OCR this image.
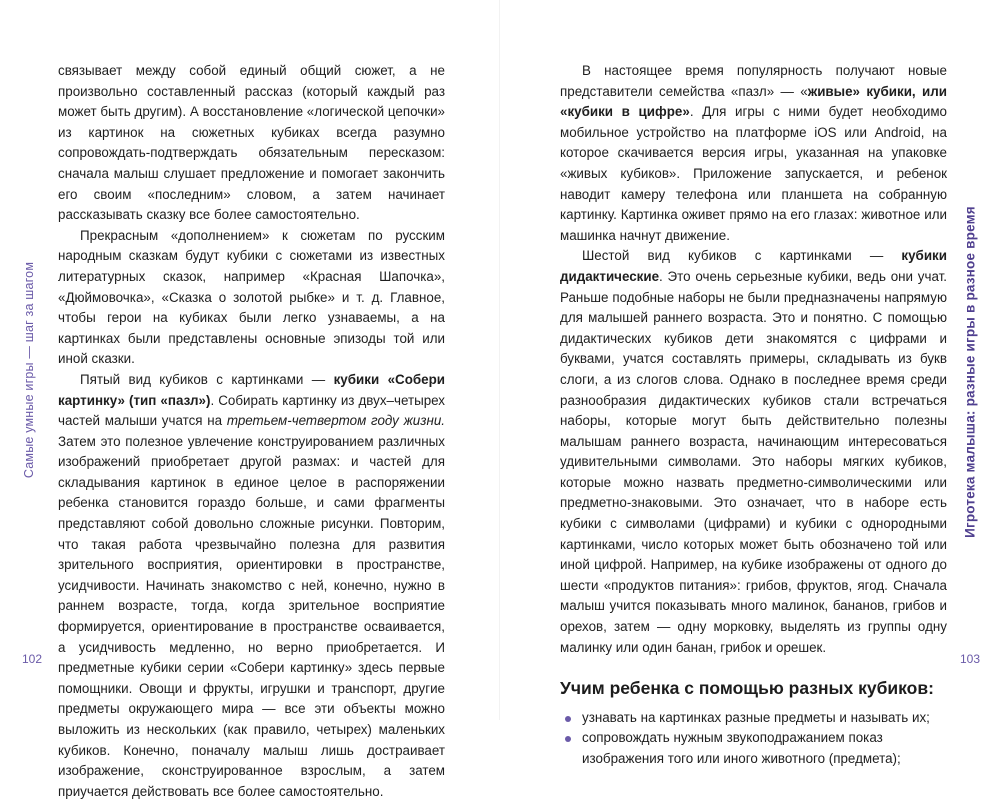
Самые умные игры — шаг за шагом

связывает между собой единый общий сюжет, а не произвольно составленный рассказ (который каждый раз может быть другим). А восстановление «логической цепочки» из картинок на сюжетных кубиках всегда разумно сопровождать-подтверждать обязательным пересказом: сначала малыш слушает предложение и помогает закончить его своим «последним» словом, а затем начинает рассказывать сказку все более самостоятельно.

Прекрасным «дополнением» к сюжетам по русским народным сказкам будут кубики с сюжетами из известных литературных сказок, например «Красная Шапочка», «Дюймовочка», «Сказка о золотой рыбке» и т. д. Главное, чтобы герои на кубиках были легко узнаваемы, а на картинках были представлены основные эпизоды той или иной сказки.

Пятый вид кубиков с картинками — кубики «Собери картинку» (тип «пазл»). Собирать картинку из двух–четырех частей малыши учатся на третьем-четвертом году жизни. Затем это полезное увлечение конструированием различных изображений приобретает другой размах: и частей для складывания картинок в единое целое в распоряжении ребенка становится гораздо больше, и сами фрагменты представляют собой довольно сложные рисунки. Повторим, что такая работа чрезвычайно полезна для развития зрительного восприятия, ориентировки в пространстве, усидчивости. Начинать знакомство с ней, конечно, нужно в раннем возрасте, тогда, когда зрительное восприятие формируется, ориентирование в пространстве осваивается, а усидчивость медленно, но верно приобретается. И предметные кубики серии «Собери картинку» здесь первые помощники. Овощи и фрукты, игрушки и транспорт, другие предметы окружающего мира — все эти объекты можно выложить из нескольких (как правило, четырех) маленьких кубиков. Конечно, поначалу малыш лишь достраивает изображение, сконструированное взрослым, а затем приучается действовать все более самостоятельно.

102

В настоящее время популярность получают новые представители семейства «пазл» — «живые» кубики, или «кубики в цифре». Для игры с ними будет необходимо мобильное устройство на платформе iOS или Android, на которое скачивается версия игры, указанная на упаковке «живых кубиков». Приложение запускается, и ребенок наводит камеру телефона или планшета на собранную картинку. Картинка оживет прямо на его глазах: животное или машинка начнут движение.

Шестой вид кубиков с картинками — кубики дидактические. Это очень серьезные кубики, ведь они учат. Раньше подобные наборы не были предназначены напрямую для малышей раннего возраста. Это и понятно. С помощью дидактических кубиков дети знакомятся с цифрами и буквами, учатся составлять примеры, складывать из букв слоги, а из слогов слова. Однако в последнее время среди разнообразия дидактических кубиков стали встречаться наборы, которые могут быть действительно полезны малышам раннего возраста, начинающим интересоваться удивительными символами. Это наборы мягких кубиков, которые можно назвать предметно-символическими или предметно-знаковыми. Это означает, что в наборе есть кубики с символами (цифрами) и кубики с однородными картинками, число которых может быть обозначено той или иной цифрой. Например, на кубике изображены от одного до шести «продуктов питания»: грибов, фруктов, ягод. Сначала малыш учится показывать много малинок, бананов, грибов и орехов, затем — одну морковку, выделять из группы одну малинку или один банан, грибок и орешек.

Учим ребенка с помощью разных кубиков:
узнавать на картинках разные предметы и называть их;
сопровождать нужным звукоподражанием показ изображения того или иного животного (предмета);
Игротека малыша: разные игры в разное время
103
